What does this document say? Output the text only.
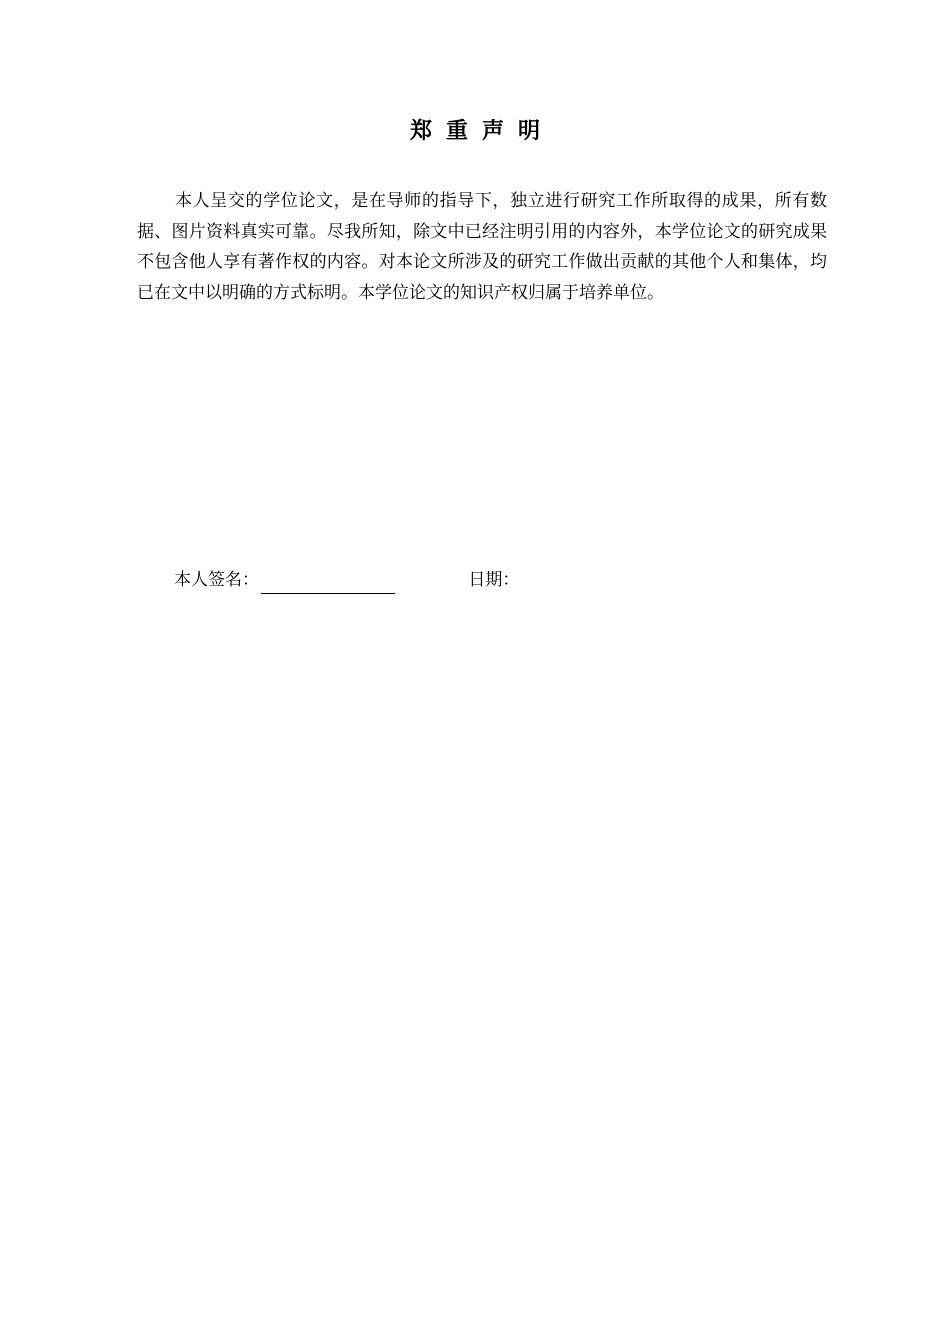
郑重声明

本人呈交的学位论文，是在导师的指导下，独立进行研究工作所取得的成果，所有数据、图片资料真实可靠。尽我所知，除文中已经注明引用的内容外，本学位论文的研究成果不包含他人享有著作权的内容。对本论文所涉及的研究工作做出贡献的其他个人和集体，均已在文中以明确的方式标明。本学位论文的知识产权归属于培养单位。

本人签名：	日期：
